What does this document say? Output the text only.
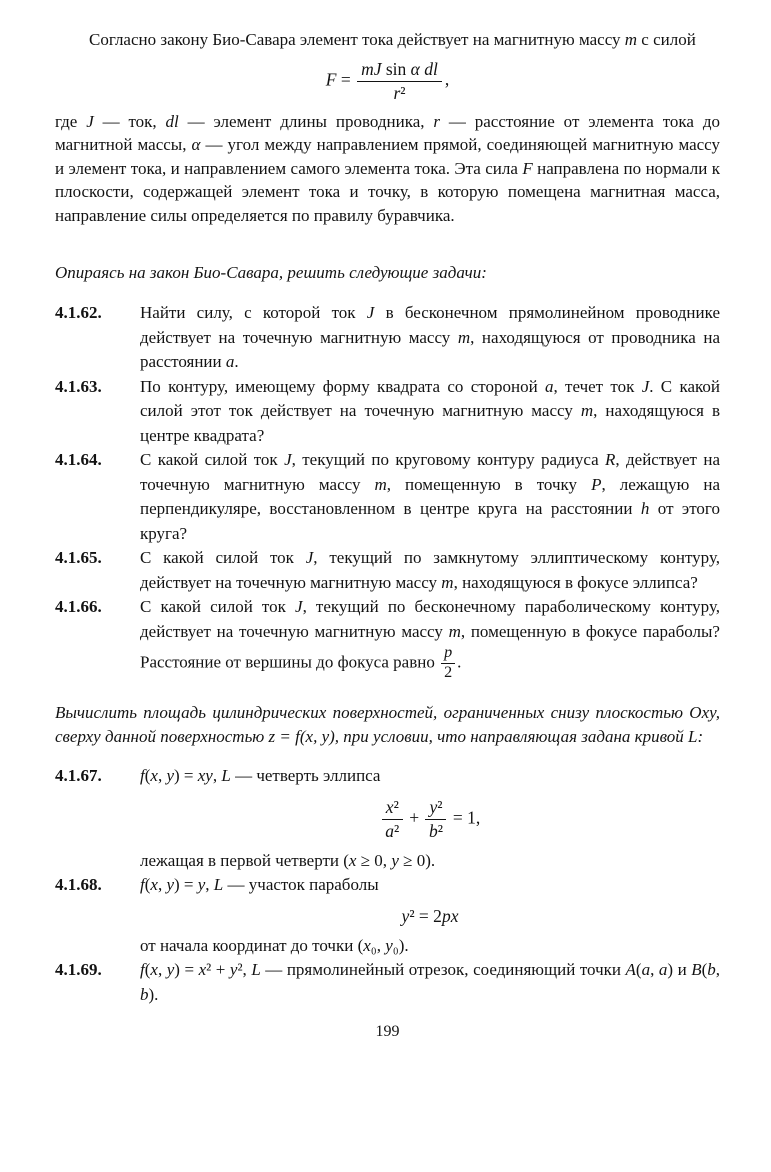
Согласно закону Био-Савара элемент тока действует на магнитную массу m с силой

$F = \frac{\text{mJ sin α dl}}{\text{r²}}$ ,

где J — ток, dl — элемент длины проводника, r — расстояние от элемента тока до магнитной массы, α — угол между направлением прямой, соединяющей магнитную массу и элемент тока, и направлением самого элемента тока. Эта сила F направлена по нормали к плоскости, содержащей элемент тока и точку, в которую помещена магнитная масса, направление силы определяется по правилу буравчика.

Опираясь на закон Био-Савара, решить следующие задачи:

4.1.62.	Найти силу, с которой ток J в бесконечном прямолинейном проводнике действует на точечную магнитную массу m, находящуюся от проводника на расстоянии a.
4.1.63.	По контуру, имеющему форму квадрата со стороной a, течет ток J. С какой силой этот ток действует на точечную магнитную массу m, находящуюся в центре квадрата?
4.1.64.	С какой силой ток J, текущий по круговому контуру радиуса R, действует на точечную магнитную массу m, помещенную в точку P, лежащую на перпендикуляре, восстановленном в центре круга на расстоянии h от этого круга?
4.1.65.	С какой силой ток J, текущий по замкнутому эллиптическому контуру, действует на точечную магнитную массу m, находящуюся в фокусе эллипса?
4.1.66.	С какой силой ток J, текущий по бесконечному параболическому контуру, действует на точечную магнитную массу m, помещенную в фокусе параболы? Расстояние от вершины до фокуса равно $\frac{p}{2}$ .

Вычислить площадь цилиндрических поверхностей, ограниченных снизу плоскостью Oxy, сверху данной поверхностью z = f(x, y), при условии, что направляющая задана кривой L:

4.1.67.	f(x, y) = xy, L — четверть эллипса
$\frac{\text{x²}}{\text{a²}} + \frac{\text{y²}}{\text{b²}} = 1$,
лежащая в первой четверти (x ≥ 0, y ≥ 0).
4.1.68.	f(x, y) = y, L — участок параболы
y² = 2px
от начала координат до точки (x₀, y₀).
4.1.69.	f(x, y) = x² + y², L — прямолинейный отрезок, соединяющий точки A(a, a) и B(b, b).
199
